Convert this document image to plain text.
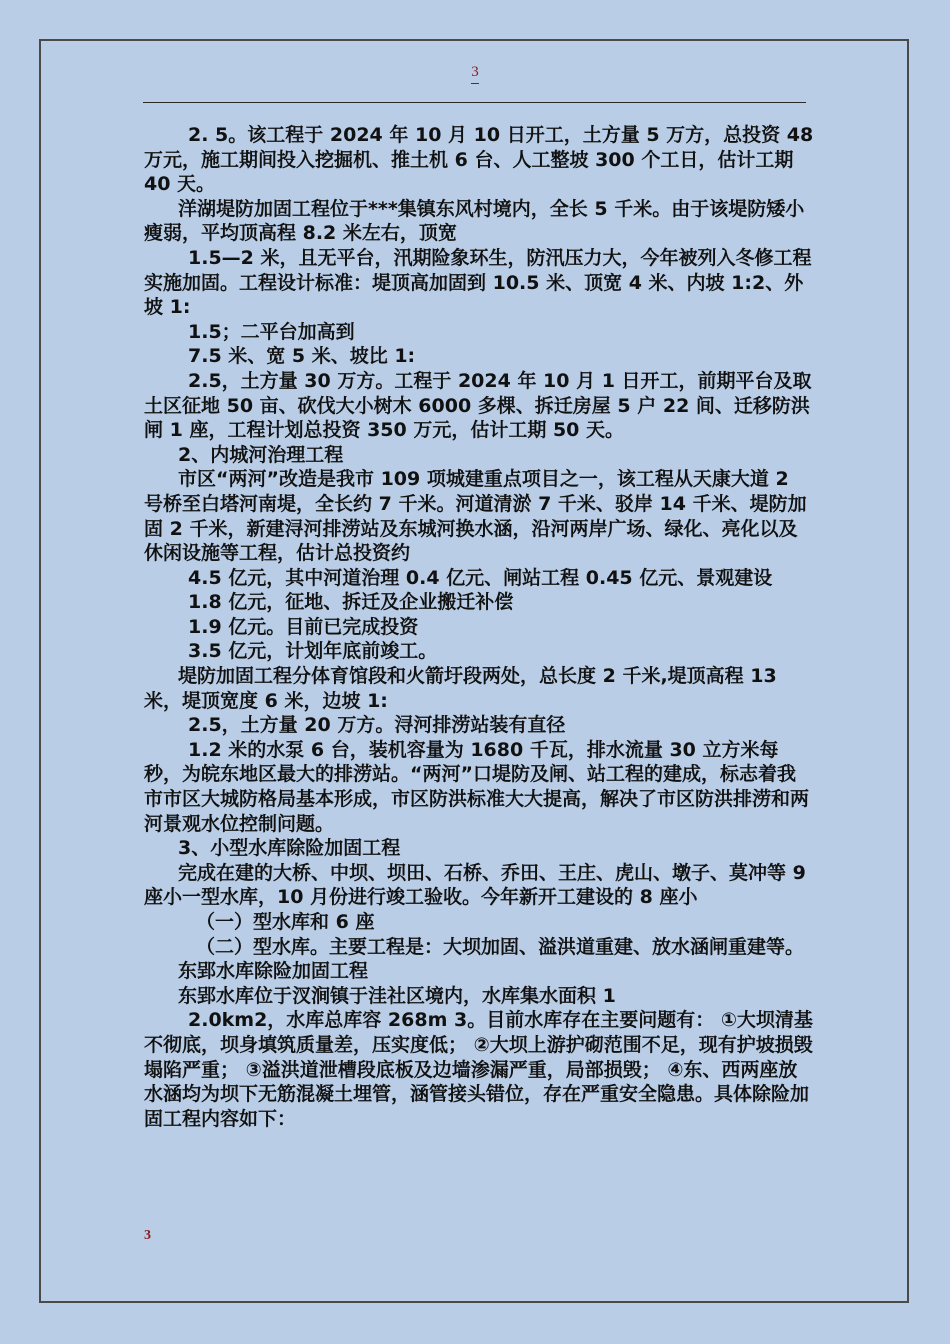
3

2. 5。该工程于 2024 年 10 月 10 日开工，土方量 5 万方，总投资 48 万元，施工期间投入挖掘机、推土机 6 台、人工整坡 300 个工日，估计工期 40 天。

洋湖堤防加固工程位于***集镇东风村境内，全长 5 千米。由于该堤防矮小瘦弱，平均顶高程 8.2 米左右，顶宽

1.5—2 米，且无平台，汛期险象环生，防汛压力大，今年被列入冬修工程实施加固。工程设计标准：堤顶高加固到 10.5 米、顶宽 4 米、内坡 1:2、外坡 1:

1.5；二平台加高到

7.5 米、宽 5 米、坡比 1:

2.5，土方量 30 万方。工程于 2024 年 10 月 1 日开工，前期平台及取土区征地 50 亩、砍伐大小树木 6000 多棵、拆迁房屋 5 户 22 间、迁移防洪闸 1 座，工程计划总投资 350 万元，估计工期 50 天。

2、内城河治理工程

市区“两河”改造是我市 109 项城建重点项目之一，该工程从天康大道 2 号桥至白塔河南堤，全长约 7 千米。河道清淤 7 千米、驳岸 14 千米、堤防加固 2 千米，新建浔河排涝站及东城河换水涵，沿河两岸广场、绿化、亮化以及休闲设施等工程，估计总投资约

4.5 亿元，其中河道治理 0.4 亿元、闸站工程 0.45 亿元、景观建设

1.8 亿元，征地、拆迁及企业搬迁补偿

1.9 亿元。目前已完成投资

3.5 亿元，计划年底前竣工。

堤防加固工程分体育馆段和火箭圩段两处，总长度 2 千米,堤顶高程 13 米，堤顶宽度 6 米，边坡 1:

2.5，土方量 20 万方。浔河排涝站装有直径

1.2 米的水泵 6 台，装机容量为 1680 千瓦，排水流量 30 立方米每秒，为皖东地区最大的排涝站。“两河”口堤防及闸、站工程的建成，标志着我市市区大城防格局基本形成，市区防洪标准大大提高，解决了市区防洪排涝和两河景观水位控制问题。

3、小型水库除险加固工程

完成在建的大桥、中坝、坝田、石桥、乔田、王庄、虎山、墩子、莫冲等 9 座小一型水库，10 月份进行竣工验收。今年新开工建设的 8 座小

（一）型水库和 6 座

（二）型水库。主要工程是：大坝加固、溢洪道重建、放水涵闸重建等。

东郢水库除险加固工程

东郢水库位于汊涧镇于洼社区境内，水库集水面积 1

2.0km2，水库总库容 268m 3。目前水库存在主要问题有： ①大坝清基不彻底，坝身填筑质量差，压实度低； ②大坝上游护砌范围不足，现有护坡损毁塌陷严重； ③溢洪道泄槽段底板及边墙渗漏严重，局部损毁； ④东、西两座放水涵均为坝下无筋混凝土埋管，涵管接头错位，存在严重安全隐患。具体除险加固工程内容如下：

3
